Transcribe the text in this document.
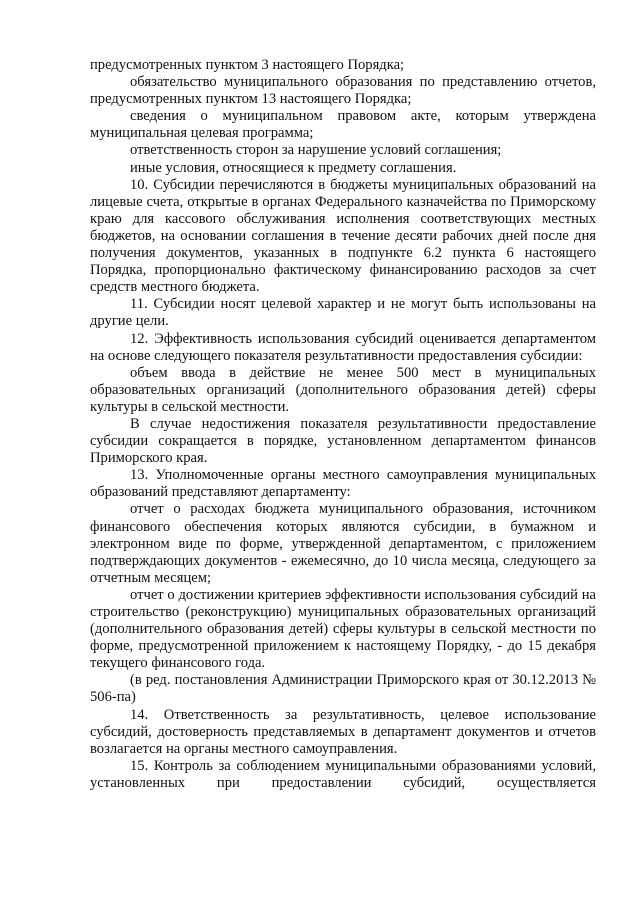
предусмотренных пунктом 3 настоящего Порядка;

обязательство муниципального образования по представлению отчетов, предусмотренных пунктом 13 настоящего Порядка;

сведения о муниципальном правовом акте, которым утверждена муниципальная целевая программа;

ответственность сторон за нарушение условий соглашения;

иные условия, относящиеся к предмету соглашения.

10. Субсидии перечисляются в бюджеты муниципальных образований на лицевые счета, открытые в органах Федерального казначейства по Приморскому краю для кассового обслуживания исполнения соответствующих местных бюджетов, на основании соглашения в течение десяти рабочих дней после дня получения документов, указанных в подпункте 6.2 пункта 6 настоящего Порядка, пропорционально фактическому финансированию расходов за счет средств местного бюджета.

11. Субсидии носят целевой характер и не могут быть использованы на другие цели.

12. Эффективность использования субсидий оценивается департаментом на основе следующего показателя результативности предоставления субсидии:

объем ввода в действие не менее 500 мест в муниципальных образовательных организаций (дополнительного образования детей) сферы культуры в сельской местности.

В случае недостижения показателя результативности предоставление субсидии сокращается в порядке, установленном департаментом финансов Приморского края.

13. Уполномоченные органы местного самоуправления муниципальных образований представляют департаменту:

отчет о расходах бюджета муниципального образования, источником финансового обеспечения которых являются субсидии, в бумажном и электронном виде по форме, утвержденной департаментом, с приложением подтверждающих документов - ежемесячно, до 10 числа месяца, следующего за отчетным месяцем;

отчет о достижении критериев эффективности использования субсидий на строительство (реконструкцию) муниципальных образовательных организаций (дополнительного образования детей) сферы культуры в сельской местности по форме, предусмотренной приложением к настоящему Порядку, - до 15 декабря текущего финансового года.

(в ред. постановления Администрации Приморского края от 30.12.2013 № 506-па)

14. Ответственность за результативность, целевое использование субсидий, достоверность представляемых в департамент документов и отчетов возлагается на органы местного самоуправления.

15. Контроль за соблюдением муниципальными образованиями условий, установленных при предоставлении субсидий, осуществляется
